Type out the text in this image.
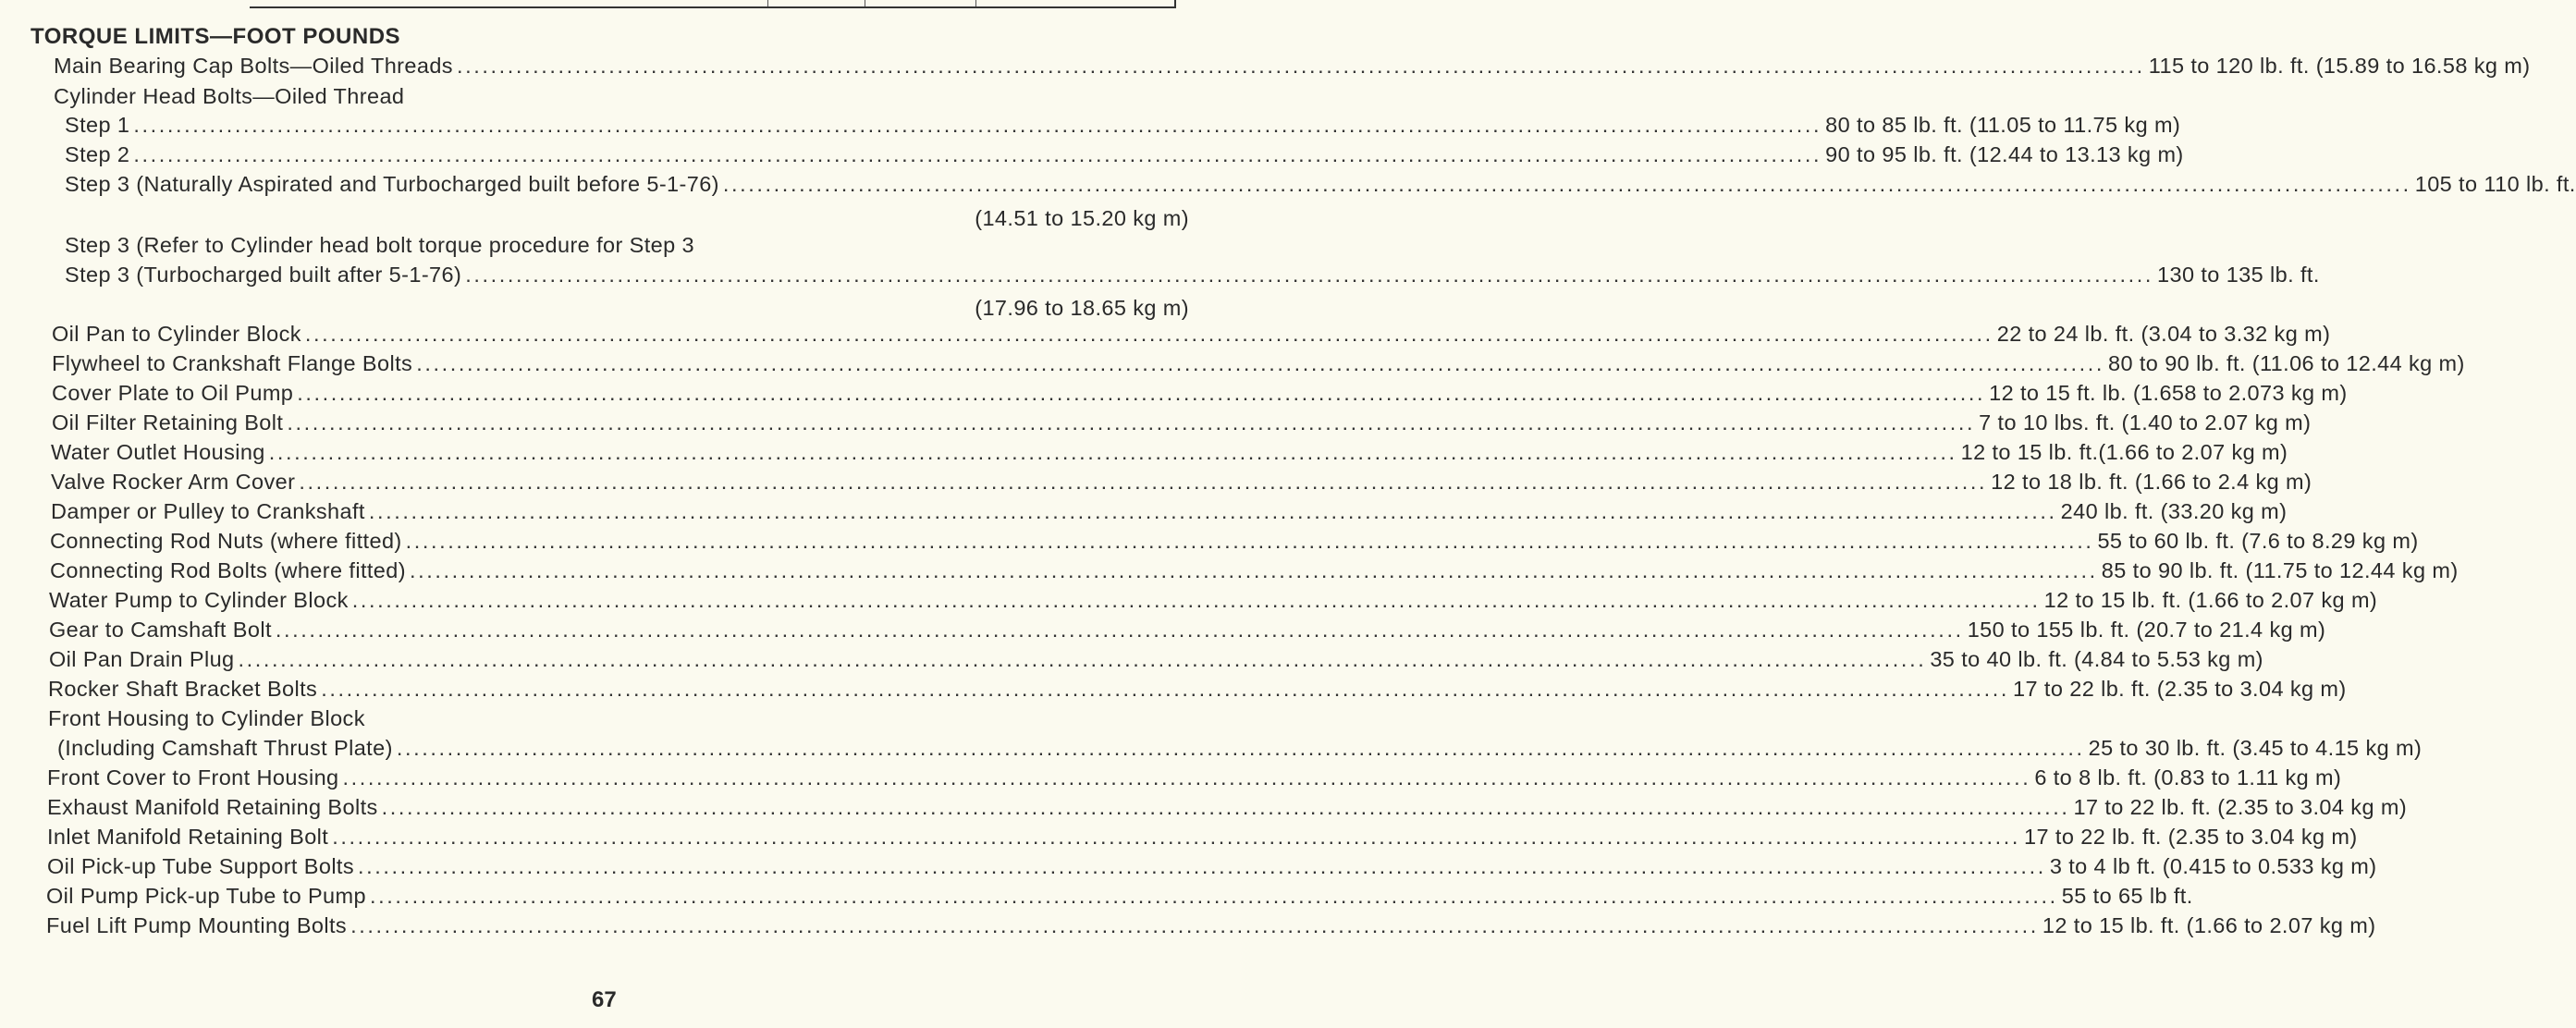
TORQUE LIMITS—FOOT POUNDS
Main Bearing Cap Bolts—Oiled Threads ........................................................................................................................................................................................................ 115 to 120 lb. ft. (15.89 to 16.58 kg m)
Cylinder Head Bolts—Oiled Thread
Step 1 ........................................................................................................................................................................................................ 80 to 85 lb. ft. (11.05 to 11.75 kg m)
Step 2 ........................................................................................................................................................................................................ 90 to 95 lb. ft. (12.44 to 13.13 kg m)
Step 3 (Naturally Aspirated and Turbocharged built before 5-1-76) ........................................................................................................................................................................................................ 105 to 110 lb. ft.
(14.51 to 15.20 kg m)
Step 3 (Refer to Cylinder head bolt torque procedure for Step 3
Step 3 (Turbocharged built after 5-1-76) ........................................................................................................................................................................................................ 130 to 135 lb. ft.
(17.96 to 18.65 kg m)
Oil Pan to Cylinder Block ........................................................................................................................................................................................................ 22 to 24 lb. ft. (3.04 to 3.32 kg m)
Flywheel to Crankshaft Flange Bolts ........................................................................................................................................................................................................ 80 to 90 lb. ft. (11.06 to 12.44 kg m)
Cover Plate to Oil Pump ........................................................................................................................................................................................................ 12 to 15 ft. lb. (1.658 to 2.073 kg m)
Oil Filter Retaining Bolt ........................................................................................................................................................................................................ 7 to 10 lbs. ft. (1.40 to 2.07 kg m)
Water Outlet Housing ........................................................................................................................................................................................................ 12 to 15 lb. ft.(1.66 to 2.07 kg m)
Valve Rocker Arm Cover ........................................................................................................................................................................................................ 12 to 18 lb. ft. (1.66 to 2.4 kg m)
Damper or Pulley to Crankshaft ........................................................................................................................................................................................................ 240 lb. ft. (33.20 kg m)
Connecting Rod Nuts (where fitted) ........................................................................................................................................................................................................ 55 to 60 lb. ft. (7.6 to 8.29 kg m)
Connecting Rod Bolts (where fitted) ........................................................................................................................................................................................................ 85 to 90 lb. ft. (11.75 to 12.44 kg m)
Water Pump to Cylinder Block ........................................................................................................................................................................................................ 12 to 15 lb. ft. (1.66 to 2.07 kg m)
Gear to Camshaft Bolt ........................................................................................................................................................................................................ 150 to 155 lb. ft. (20.7 to 21.4 kg m)
Oil Pan Drain Plug ........................................................................................................................................................................................................ 35 to 40 lb. ft. (4.84 to 5.53 kg m)
Rocker Shaft Bracket Bolts ........................................................................................................................................................................................................ 17 to 22 lb. ft. (2.35 to 3.04 kg m)
Front Housing to Cylinder Block
(Including Camshaft Thrust Plate) ........................................................................................................................................................................................................ 25 to 30 lb. ft. (3.45 to 4.15 kg m)
Front Cover to Front Housing ........................................................................................................................................................................................................ 6 to 8 lb. ft. (0.83 to 1.11 kg m)
Exhaust Manifold Retaining Bolts ........................................................................................................................................................................................................ 17 to 22 lb. ft. (2.35 to 3.04 kg m)
Inlet Manifold Retaining Bolt ........................................................................................................................................................................................................ 17 to 22 lb. ft. (2.35 to 3.04 kg m)
Oil Pick-up Tube Support Bolts ........................................................................................................................................................................................................ 3 to 4 lb ft. (0.415 to 0.533 kg m)
Oil Pump Pick-up Tube to Pump ........................................................................................................................................................................................................ 55 to 65 lb ft.
Fuel Lift Pump Mounting Bolts ........................................................................................................................................................................................................ 12 to 15 lb. ft. (1.66 to 2.07 kg m)
67
